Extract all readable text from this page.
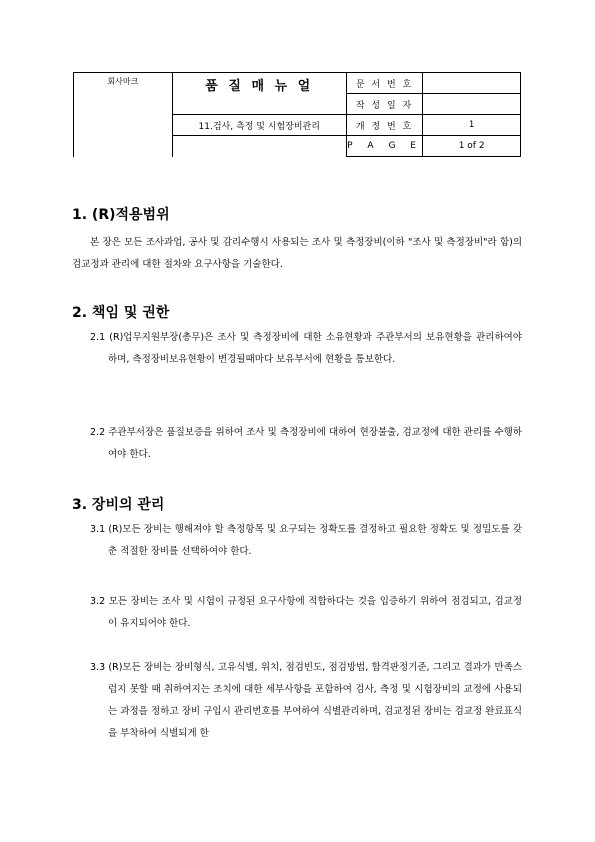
회사마크	품 질 매 뉴 얼	문 서 번 호	
		작 성 일 자	
	11.검사, 측정 및 시험장비관리	개 정 번 호	1
		P A G E	1 of 2
1. (R)적용범위

본 장은 모든 조사과업, 공사 및 감리수행시 사용되는 조사 및 측정장비(이하 "조사 및 측정장비"라 함)의 검교정과 관리에 대한 절차와 요구사항을 기술한다.

2. 책임 및 권한

2.1 (R)업무지원부장(총무)은 조사 및 측정장비에 대한 소유현황과 주관부서의 보유현황을 관리하여야 하며, 측정장비보유현황이 변경될때마다 보유부서에 현황을 통보한다.

2.2 주관부서장은 품질보증을 위하여 조사 및 측정장비에 대하여 현장불출, 검교정에 대한 관리를 수행하여야 한다.

3. 장비의 관리

3.1 (R)모든 장비는 행해져야 할 측정항목 및 요구되는 정확도를 결정하고 필요한 정확도 및 정밀도를 갖춘 적절한 장비를 선택하여야 한다.

3.2 모든 장비는 조사 및 시험이 규정된 요구사항에 적합하다는 것을 입증하기 위하여 점검되고, 검교정이 유지되어야 한다.

3.3 (R)모든 장비는 장비형식, 고유식별, 위치, 점검빈도, 점검방법, 합격판정기준, 그리고 결과가 만족스럽지 못할 때 취하여지는 조치에 대한 세부사항을 포함하여 검사, 측정 및 시험장비의 교정에 사용되는 과정을 정하고 장비 구입시 관리번호를 부여하여 식별관리하며, 검교정된 장비는 검교정 완료표식을 부착하여 식별되게 한
